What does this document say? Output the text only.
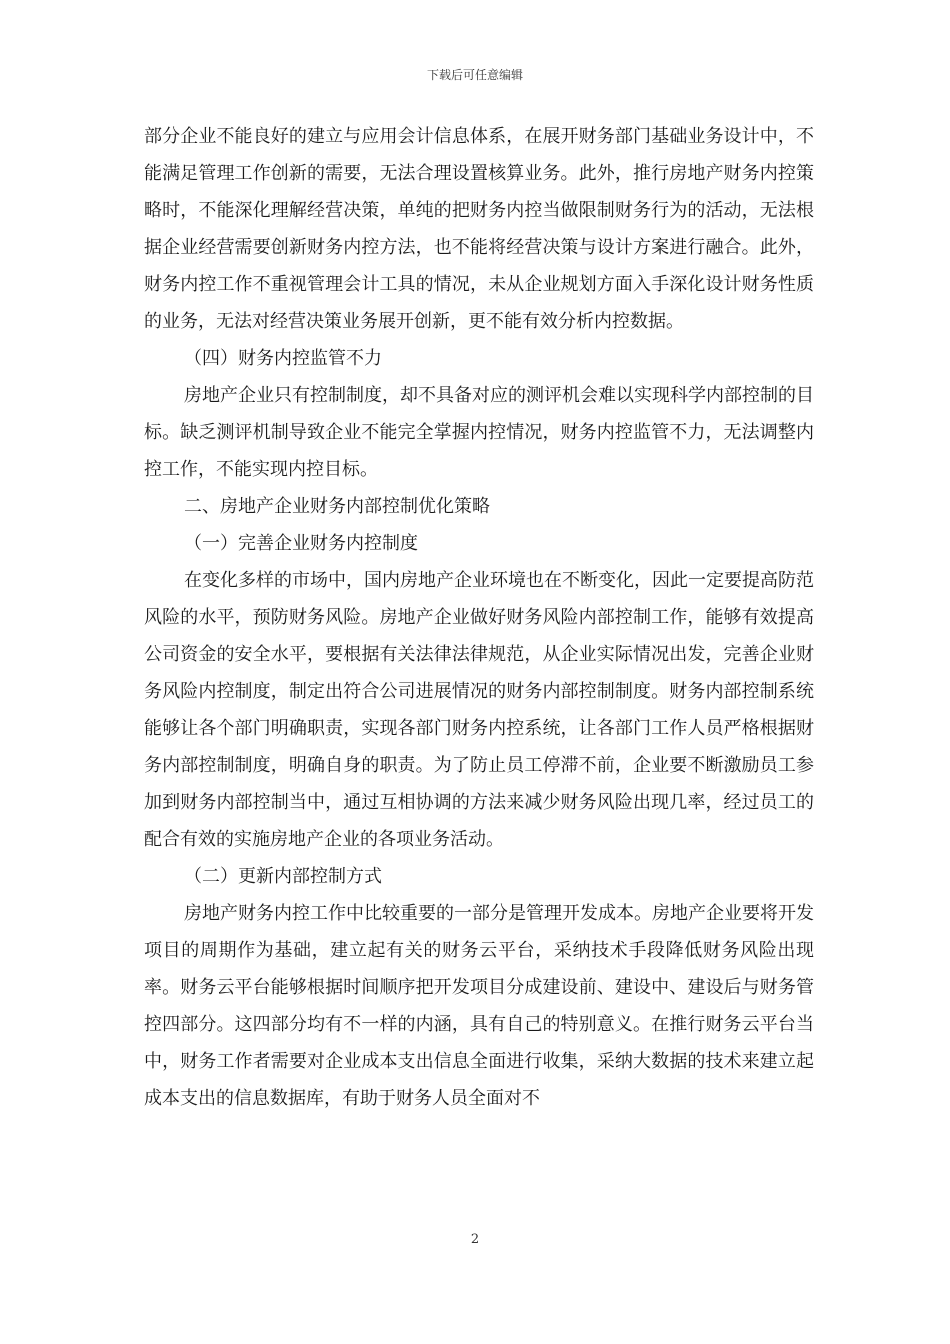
下载后可任意编辑

部分企业不能良好的建立与应用会计信息体系，在展开财务部门基础业务设计中，不能满足管理工作创新的需要，无法合理设置核算业务。此外，推行房地产财务内控策略时，不能深化理解经营决策，单纯的把财务内控当做限制财务行为的活动，无法根据企业经营需要创新财务内控方法，也不能将经营决策与设计方案进行融合。此外，财务内控工作不重视管理会计工具的情况，未从企业规划方面入手深化设计财务性质的业务，无法对经营决策业务展开创新，更不能有效分析内控数据。

（四）财务内控监管不力

房地产企业只有控制制度，却不具备对应的测评机会难以实现科学内部控制的目标。缺乏测评机制导致企业不能完全掌握内控情况，财务内控监管不力，无法调整内控工作，不能实现内控目标。

二、房地产企业财务内部控制优化策略

（一）完善企业财务内控制度

在变化多样的市场中，国内房地产企业环境也在不断变化，因此一定要提高防范风险的水平，预防财务风险。房地产企业做好财务风险内部控制工作，能够有效提高公司资金的安全水平，要根据有关法律法律规范，从企业实际情况出发，完善企业财务风险内控制度，制定出符合公司进展情况的财务内部控制制度。财务内部控制系统能够让各个部门明确职责，实现各部门财务内控系统，让各部门工作人员严格根据财务内部控制制度，明确自身的职责。为了防止员工停滞不前，企业要不断激励员工参加到财务内部控制当中，通过互相协调的方法来减少财务风险出现几率，经过员工的配合有效的实施房地产企业的各项业务活动。

（二）更新内部控制方式

房地产财务内控工作中比较重要的一部分是管理开发成本。房地产企业要将开发项目的周期作为基础，建立起有关的财务云平台，采纳技术手段降低财务风险出现率。财务云平台能够根据时间顺序把开发项目分成建设前、建设中、建设后与财务管控四部分。这四部分均有不一样的内涵，具有自己的特别意义。在推行财务云平台当中，财务工作者需要对企业成本支出信息全面进行收集，采纳大数据的技术来建立起成本支出的信息数据库，有助于财务人员全面对不

2
